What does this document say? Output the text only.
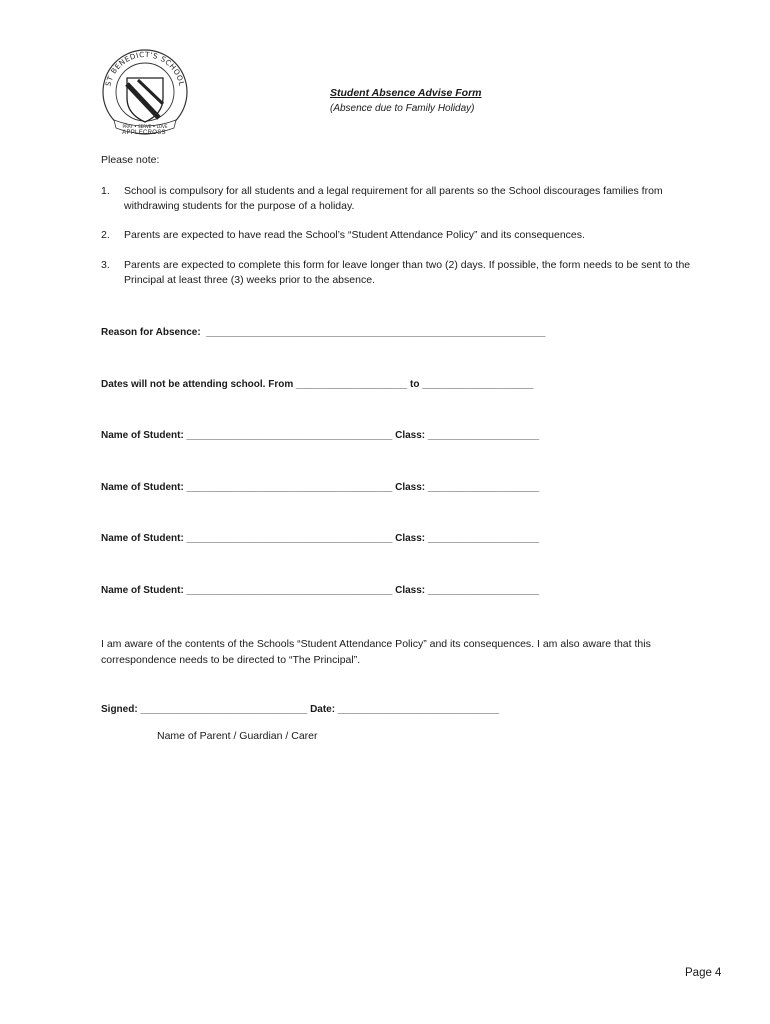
ST BENEDICT'S SCHOOL
PRAY • SERVE • LOVE
APPLECROSS
Student Absence Advise Form
(Absence due to Family Holiday)
Please note:
1. School is compulsory for all students and a legal requirement for all parents so the School discourages families from withdrawing students for the purpose of a holiday.
2. Parents are expected to have read the School’s “Student Attendance Policy” and its consequences.
3. Parents are expected to complete this form for leave longer than two (2) days. If possible, the form needs to be sent to the Principal at least three (3) weeks prior to the absence.
Reason for Absence:  _____________________________________________________________
Dates will not be attending school. From ____________________ to ____________________
Name of Student: _____________________________________ Class: ____________________
Name of Student: _____________________________________ Class: ____________________
Name of Student: _____________________________________ Class: ____________________
Name of Student: _____________________________________ Class: ____________________
I am aware of the contents of the Schools “Student Attendance Policy” and its consequences. I am also aware that this correspondence needs to be directed to “The Principal”.
Signed: ______________________________ Date: _____________________________
Name of Parent / Guardian / Carer
Page 4
